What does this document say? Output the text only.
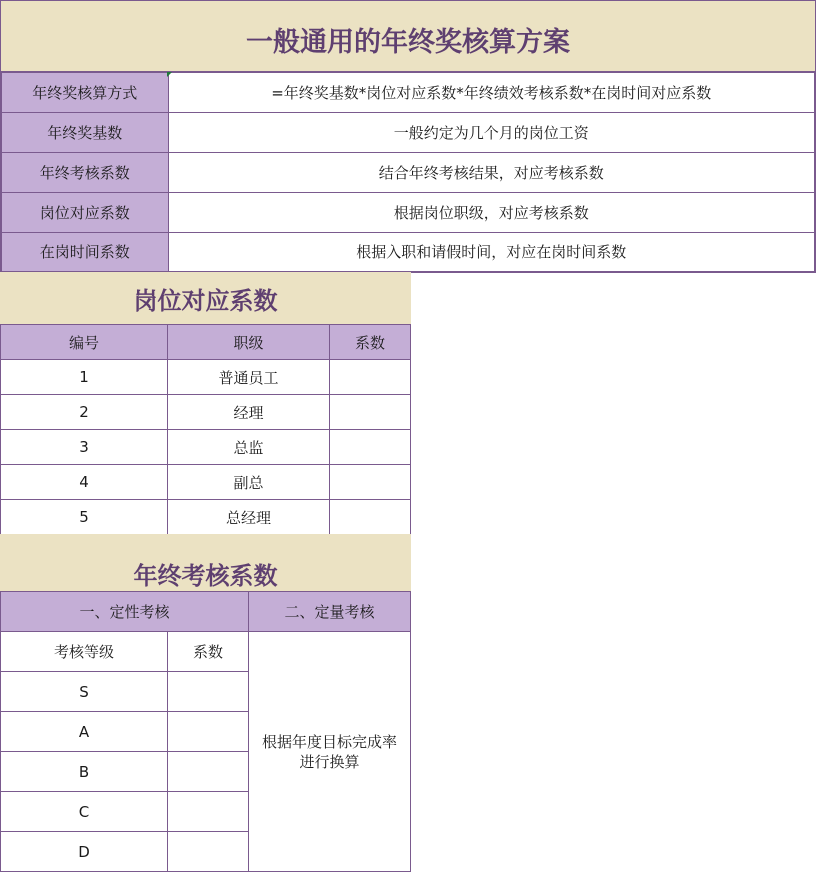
一般通用的年终奖核算方案
年终奖核算方式	=年终奖基数*岗位对应系数*年终绩效考核系数*在岗时间对应系数
年终奖基数	一般约定为几个月的岗位工资
年终考核系数	结合年终考核结果，对应考核系数
岗位对应系数	根据岗位职级，对应考核系数
在岗时间系数	根据入职和请假时间，对应在岗时间系数
岗位对应系数
编号	职级	系数
1	普通员工	
2	经理	
3	总监	
4	副总	
5	总经理	
年终考核系数
一、定性考核		二、定量考核
考核等级	系数	根据年度目标完成率进行换算
S		
A		
B		
C		
D		
